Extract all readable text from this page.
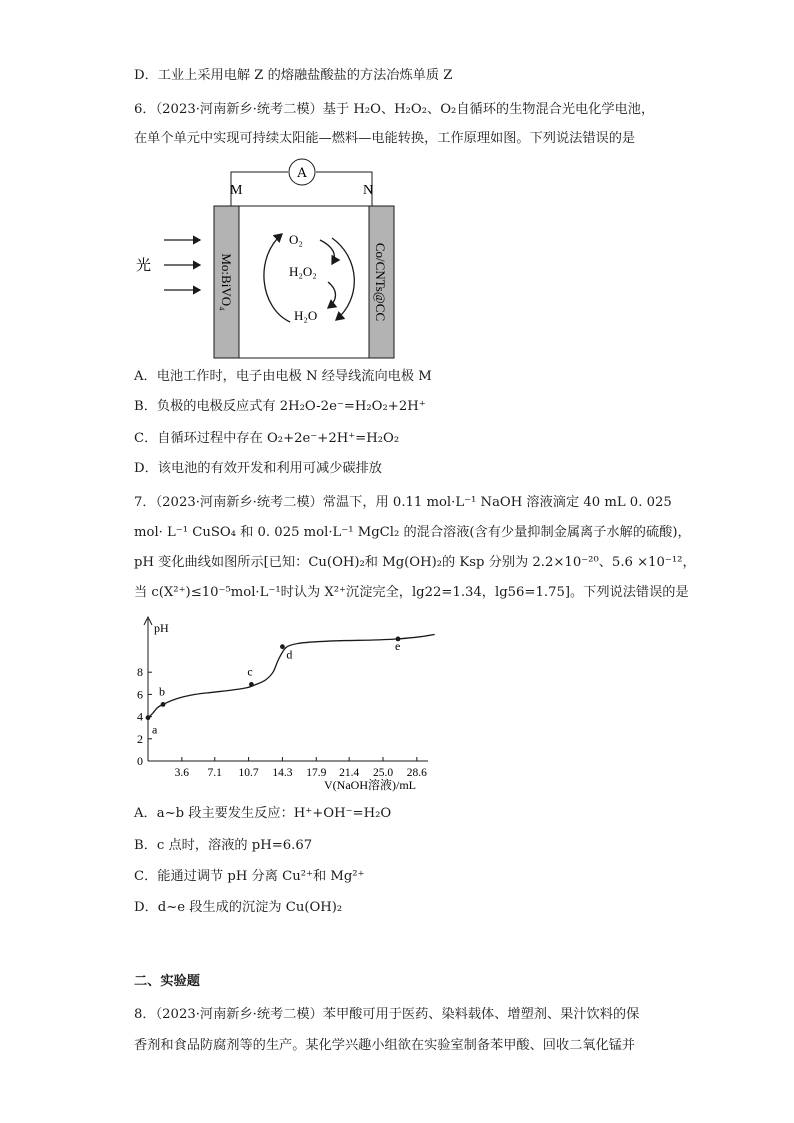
D．工业上采用电解 Z 的熔融盐酸盐的方法冶炼单质 Z
6．（2023·河南新乡·统考二模）基于 H₂O、H₂O₂、O₂自循环的生物混合光电化学电池，
在单个单元中实现可持续太阳能—燃料—电能转换，工作原理如图。下列说法错误的是
A
M	N
Mo:BiVO₄	Co/CNTs@CC
光
O₂
H₂O₂
H₂O
A．电池工作时，电子由电极 N 经导线流向电极 M
B．负极的电极反应式有 2H₂O-2e⁻=H₂O₂+2H⁺
C．自循环过程中存在 O₂+2e⁻+2H⁺=H₂O₂
D．该电池的有效开发和利用可减少碳排放
7．（2023·河南新乡·统考二模）常温下，用 0.11 mol·L⁻¹ NaOH 溶液滴定 40 mL 0. 025
mol· L⁻¹ CuSO₄ 和 0. 025 mol·L⁻¹ MgCl₂ 的混合溶液(含有少量抑制金属离子水解的硫酸)，
pH 变化曲线如图所示[已知：Cu(OH)₂和 Mg(OH)₂的 Ksp 分别为 2.2×10⁻²⁰、5.6 ×10⁻¹²，
当 c(X²⁺)≤10⁻⁵mol·L⁻¹时认为 X²⁺沉淀完全，lg22=1.34，lg56=1.75]。下列说法错误的是
pH
V(NaOH溶液)/mL
0
2
4
6
8
3.6 7.1 10.7 14.3 17.9 21.4 25.0 28.6
a
b
c
d
e
A．a~b 段主要发生反应：H⁺+OH⁻=H₂O
B．c 点时，溶液的 pH=6.67
C．能通过调节 pH 分离 Cu²⁺和 Mg²⁺
D．d~e 段生成的沉淀为 Cu(OH)₂
二、实验题
8．（2023·河南新乡·统考二模）苯甲酸可用于医药、染料载体、增塑剂、果汁饮料的保
香剂和食品防腐剂等的生产。某化学兴趣小组欲在实验室制备苯甲酸、回收二氧化锰并
